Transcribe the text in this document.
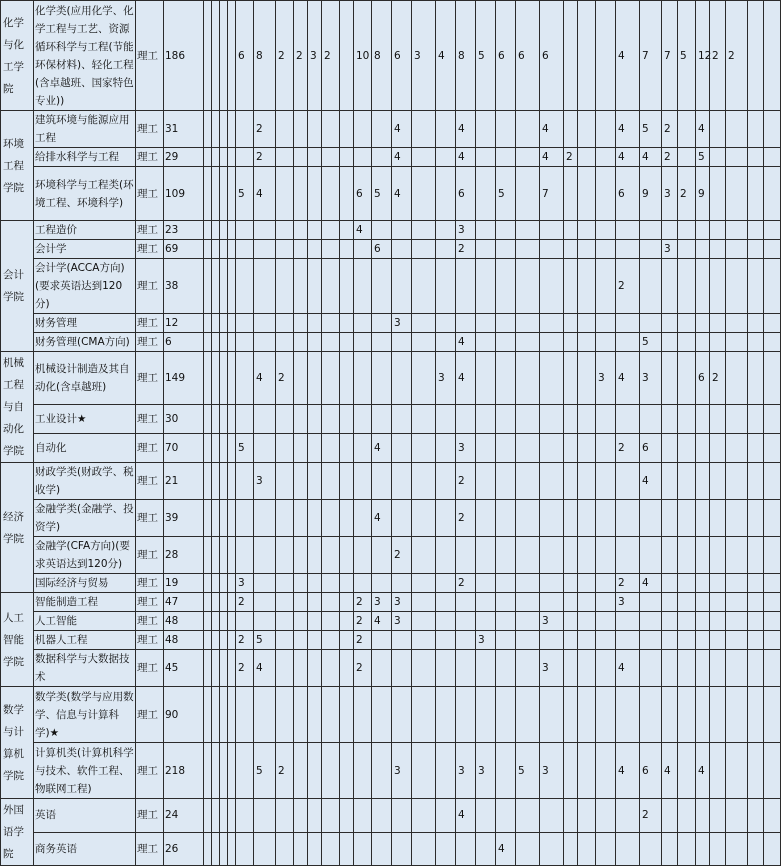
化学与化工学院	化学类(应用化学、化学工程与工艺、资源循环科学与工程(节能环保材料)、轻化工程(含卓越班、国家特色专业))	理工	186					6	8	2	2	3	2		10	8	6	3	4	8	5	6	6	6				4	7	7	5	12	2	2		
环境工程学院	建筑环境与能源应用工程	理工	31						2								4			4				4				4	5	2		4				
	给排水科学与工程	理工	29						2								4			4				4	2			4	4	2		5				
	环境科学与工程类(环境工程、环境科学)	理工	109					5	4						6	5	4			6		5		7				6	9	3	2	9				
会计学院	工程造价	理工	23												4					3																
	会计学	理工	69													6				2										3						
	会计学(ACCA方向)(要求英语达到120分)	理工	38																									2								
	财务管理	理工	12														3																			
	财务管理(CMA方向)	理工	6																	4									5							
机械工程与自动化学院	机械设计制造及其自动化(含卓越班)	理工	149						4	2									3	4							3	4	3			6	2			
	工业设计★	理工	30																																	
	自动化	理工	70					5								4				3								2	6							
经济学院	财政学类(财政学、税收学)	理工	21						3											2									4							
	金融学类(金融学、投资学)	理工	39													4				2																
	金融学(CFA方向)(要求英语达到120分)	理工	28														2																			
	国际经济与贸易	理工	19					3												2								2	4							
人工智能学院	智能制造工程	理工	47					2							2	3	3											3								
	人工智能	理工	48												2	4	3							3												
	机器人工程	理工	48					2	5						2						3															
	数据科学与大数据技术	理工	45					2	4						2									3				4								
数学与计算机学院	数学类(数学与应用数学、信息与计算科学)★	理工	90																																	
	计算机类(计算机科学与技术、软件工程、物联网工程)	理工	218						5	2							3			3	3		5	3				4	6	4		4				
外国语学院	英语	理工	24																	4									2							
	商务英语	理工	26																			4														
